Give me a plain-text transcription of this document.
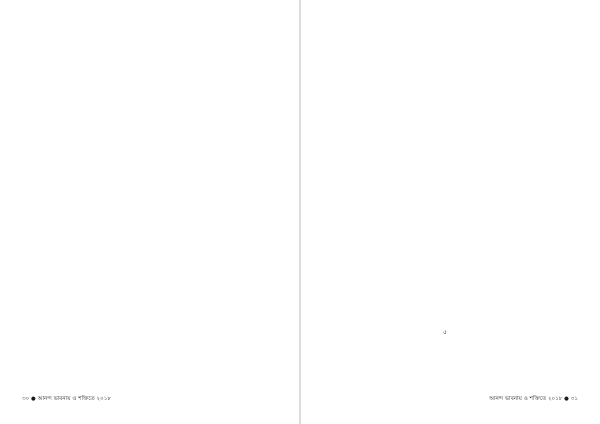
৩০ ● আনন্দ ভাবনায় ও শক্তিতে ২০১৮	আনন্দ ভাবনায় ও শক্তিতে ২০১৮ ● ৩১
৫
